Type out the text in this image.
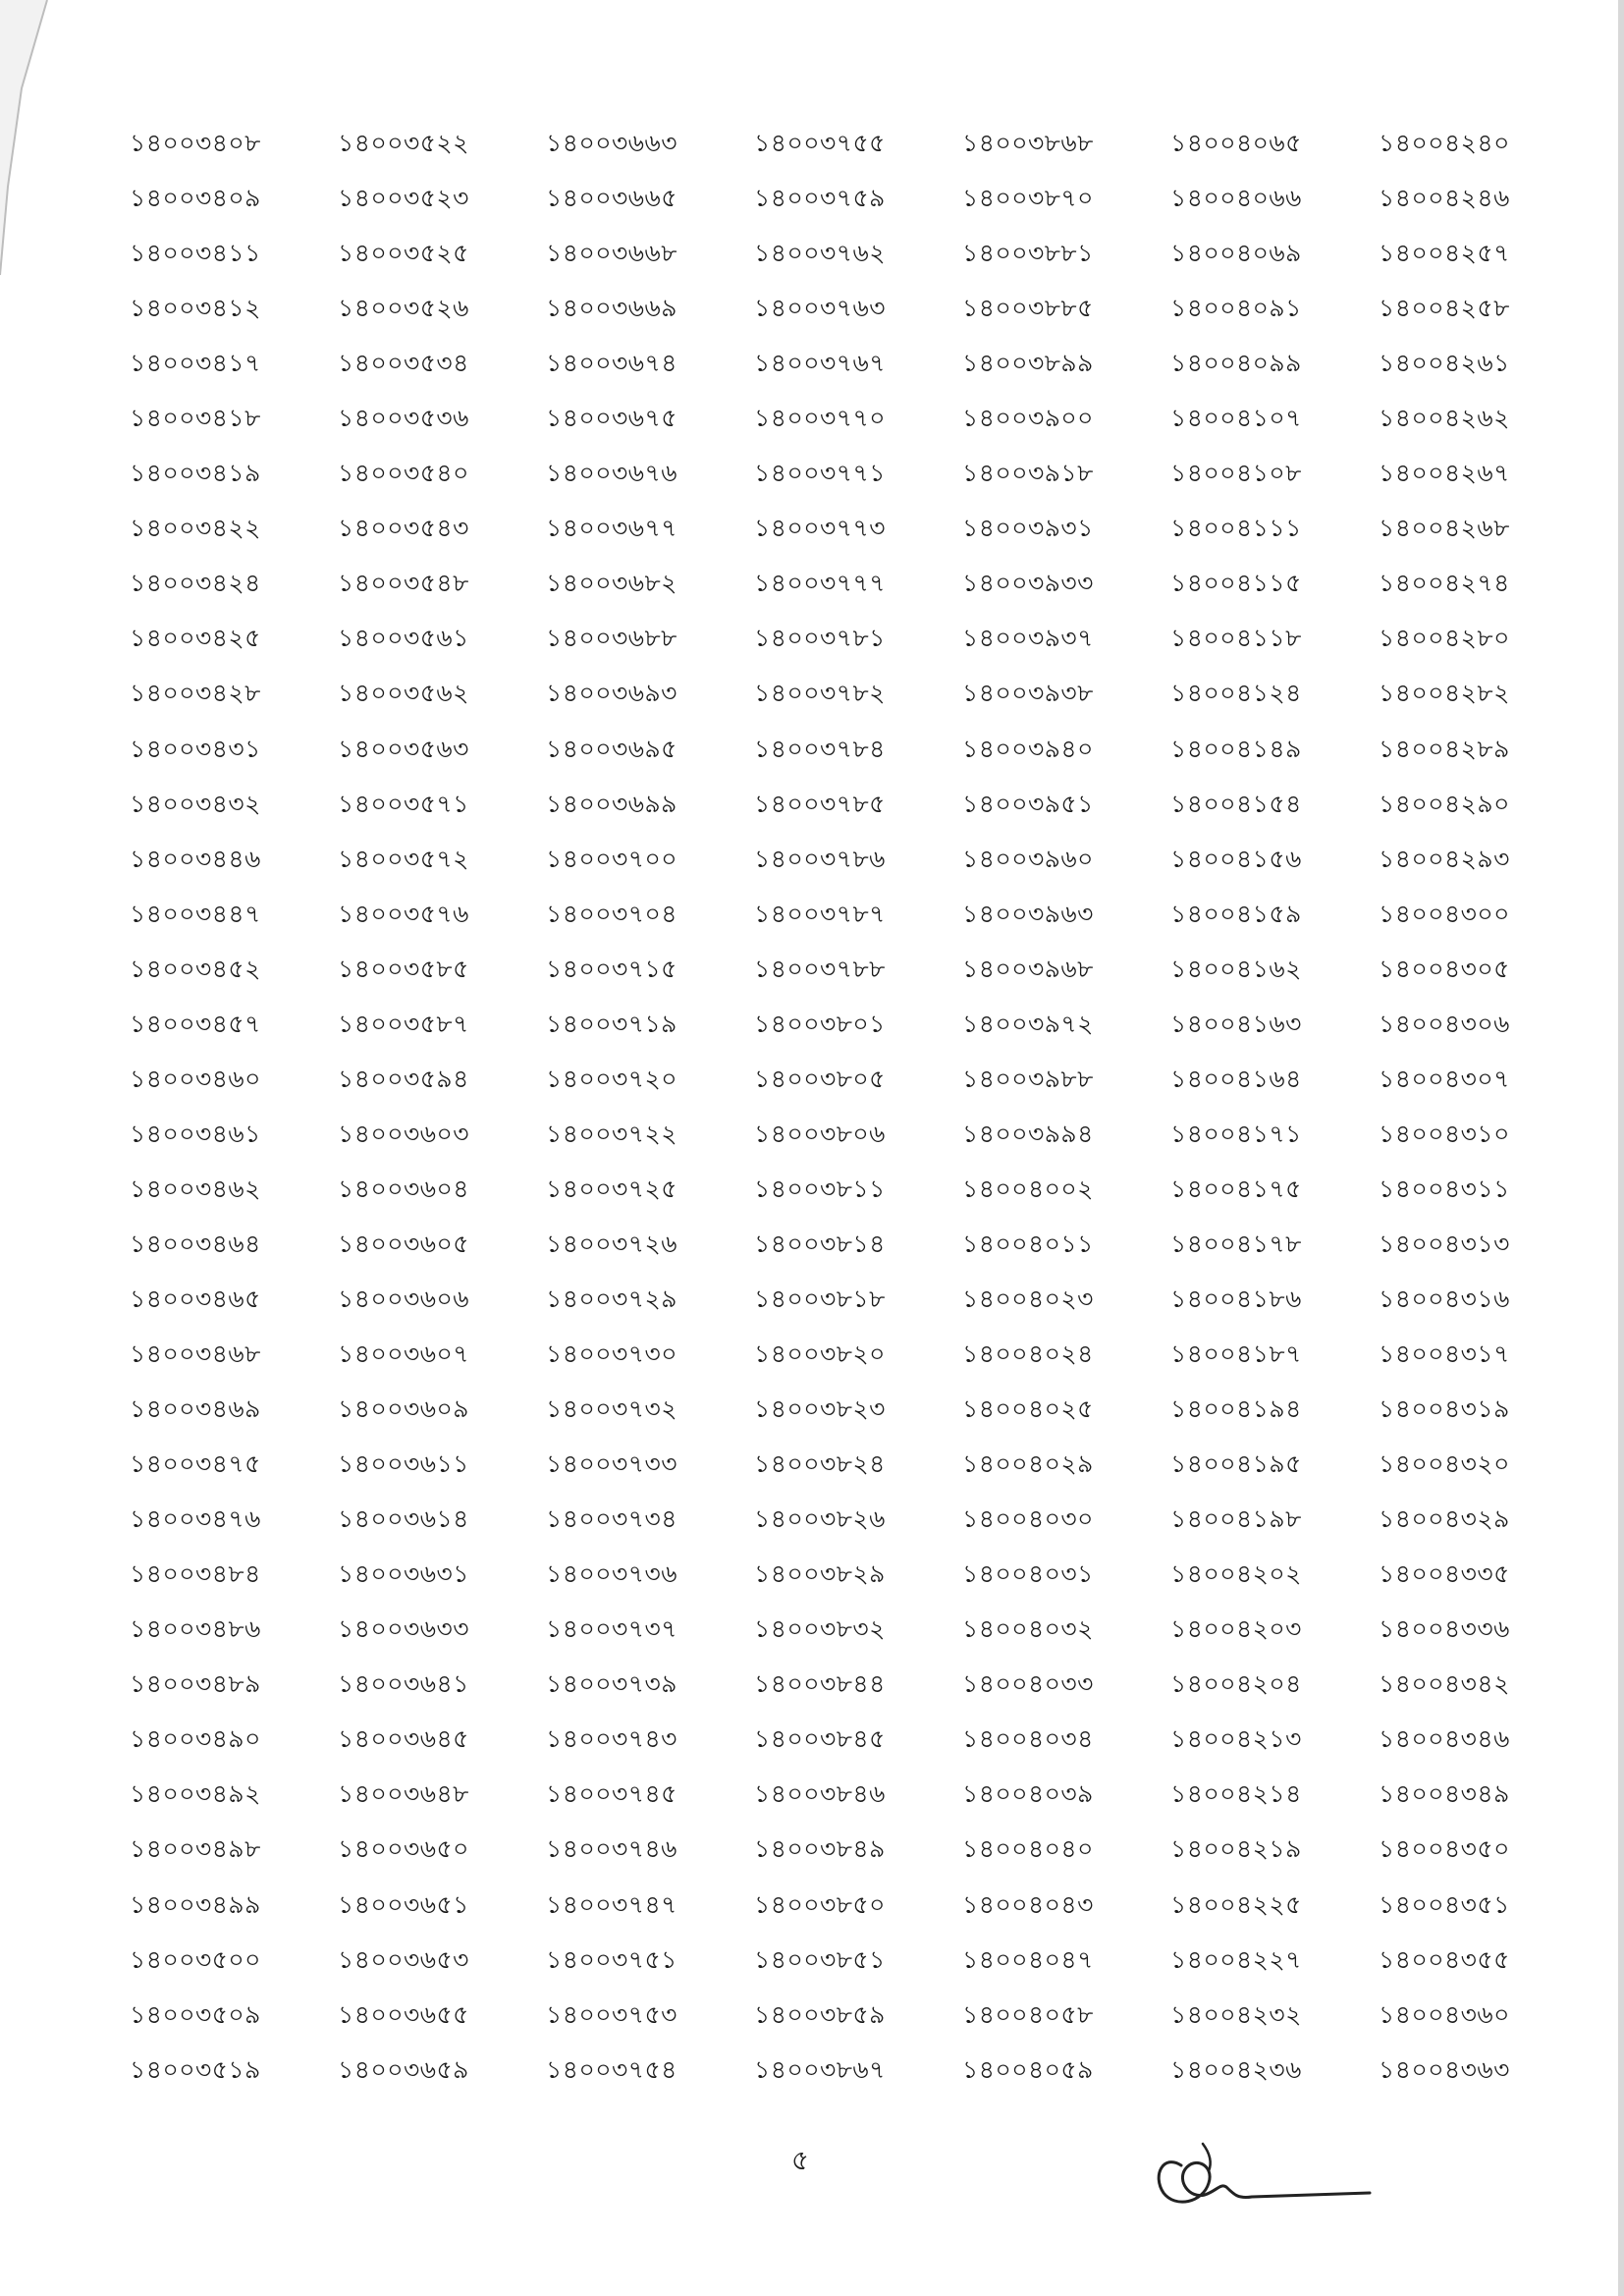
১৪০০৩৪০৮	১৪০০৩৫২২	১৪০০৩৬৬৩	১৪০০৩৭৫৫	১৪০০৩৮৬৮	১৪০০৪০৬৫	১৪০০৪২৪০
১৪০০৩৪০৯	১৪০০৩৫২৩	১৪০০৩৬৬৫	১৪০০৩৭৫৯	১৪০০৩৮৭০	১৪০০৪০৬৬	১৪০০৪২৪৬
১৪০০৩৪১১	১৪০০৩৫২৫	১৪০০৩৬৬৮	১৪০০৩৭৬২	১৪০০৩৮৮১	১৪০০৪০৬৯	১৪০০৪২৫৭
১৪০০৩৪১২	১৪০০৩৫২৬	১৪০০৩৬৬৯	১৪০০৩৭৬৩	১৪০০৩৮৮৫	১৪০০৪০৯১	১৪০০৪২৫৮
১৪০০৩৪১৭	১৪০০৩৫৩৪	১৪০০৩৬৭৪	১৪০০৩৭৬৭	১৪০০৩৮৯৯	১৪০০৪০৯৯	১৪০০৪২৬১
১৪০০৩৪১৮	১৪০০৩৫৩৬	১৪০০৩৬৭৫	১৪০০৩৭৭০	১৪০০৩৯০০	১৪০০৪১০৭	১৪০০৪২৬২
১৪০০৩৪১৯	১৪০০৩৫৪০	১৪০০৩৬৭৬	১৪০০৩৭৭১	১৪০০৩৯১৮	১৪০০৪১০৮	১৪০০৪২৬৭
১৪০০৩৪২২	১৪০০৩৫৪৩	১৪০০৩৬৭৭	১৪০০৩৭৭৩	১৪০০৩৯৩১	১৪০০৪১১১	১৪০০৪২৬৮
১৪০০৩৪২৪	১৪০০৩৫৪৮	১৪০০৩৬৮২	১৪০০৩৭৭৭	১৪০০৩৯৩৩	১৪০০৪১১৫	১৪০০৪২৭৪
১৪০০৩৪২৫	১৪০০৩৫৬১	১৪০০৩৬৮৮	১৪০০৩৭৮১	১৪০০৩৯৩৭	১৪০০৪১১৮	১৪০০৪২৮০
১৪০০৩৪২৮	১৪০০৩৫৬২	১৪০০৩৬৯৩	১৪০০৩৭৮২	১৪০০৩৯৩৮	১৪০০৪১২৪	১৪০০৪২৮২
১৪০০৩৪৩১	১৪০০৩৫৬৩	১৪০০৩৬৯৫	১৪০০৩৭৮৪	১৪০০৩৯৪০	১৪০০৪১৪৯	১৪০০৪২৮৯
১৪০০৩৪৩২	১৪০০৩৫৭১	১৪০০৩৬৯৯	১৪০০৩৭৮৫	১৪০০৩৯৫১	১৪০০৪১৫৪	১৪০০৪২৯০
১৪০০৩৪৪৬	১৪০০৩৫৭২	১৪০০৩৭০০	১৪০০৩৭৮৬	১৪০০৩৯৬০	১৪০০৪১৫৬	১৪০০৪২৯৩
১৪০০৩৪৪৭	১৪০০৩৫৭৬	১৪০০৩৭০৪	১৪০০৩৭৮৭	১৪০০৩৯৬৩	১৪০০৪১৫৯	১৪০০৪৩০০
১৪০০৩৪৫২	১৪০০৩৫৮৫	১৪০০৩৭১৫	১৪০০৩৭৮৮	১৪০০৩৯৬৮	১৪০০৪১৬২	১৪০০৪৩০৫
১৪০০৩৪৫৭	১৪০০৩৫৮৭	১৪০০৩৭১৯	১৪০০৩৮০১	১৪০০৩৯৭২	১৪০০৪১৬৩	১৪০০৪৩০৬
১৪০০৩৪৬০	১৪০০৩৫৯৪	১৪০০৩৭২০	১৪০০৩৮০৫	১৪০০৩৯৮৮	১৪০০৪১৬৪	১৪০০৪৩০৭
১৪০০৩৪৬১	১৪০০৩৬০৩	১৪০০৩৭২২	১৪০০৩৮০৬	১৪০০৩৯৯৪	১৪০০৪১৭১	১৪০০৪৩১০
১৪০০৩৪৬২	১৪০০৩৬০৪	১৪০০৩৭২৫	১৪০০৩৮১১	১৪০০৪০০২	১৪০০৪১৭৫	১৪০০৪৩১১
১৪০০৩৪৬৪	১৪০০৩৬০৫	১৪০০৩৭২৬	১৪০০৩৮১৪	১৪০০৪০১১	১৪০০৪১৭৮	১৪০০৪৩১৩
১৪০০৩৪৬৫	১৪০০৩৬০৬	১৪০০৩৭২৯	১৪০০৩৮১৮	১৪০০৪০২৩	১৪০০৪১৮৬	১৪০০৪৩১৬
১৪০০৩৪৬৮	১৪০০৩৬০৭	১৪০০৩৭৩০	১৪০০৩৮২০	১৪০০৪০২৪	১৪০০৪১৮৭	১৪০০৪৩১৭
১৪০০৩৪৬৯	১৪০০৩৬০৯	১৪০০৩৭৩২	১৪০০৩৮২৩	১৪০০৪০২৫	১৪০০৪১৯৪	১৪০০৪৩১৯
১৪০০৩৪৭৫	১৪০০৩৬১১	১৪০০৩৭৩৩	১৪০০৩৮২৪	১৪০০৪০২৯	১৪০০৪১৯৫	১৪০০৪৩২০
১৪০০৩৪৭৬	১৪০০৩৬১৪	১৪০০৩৭৩৪	১৪০০৩৮২৬	১৪০০৪০৩০	১৪০০৪১৯৮	১৪০০৪৩২৯
১৪০০৩৪৮৪	১৪০০৩৬৩১	১৪০০৩৭৩৬	১৪০০৩৮২৯	১৪০০৪০৩১	১৪০০৪২০২	১৪০০৪৩৩৫
১৪০০৩৪৮৬	১৪০০৩৬৩৩	১৪০০৩৭৩৭	১৪০০৩৮৩২	১৪০০৪০৩২	১৪০০৪২০৩	১৪০০৪৩৩৬
১৪০০৩৪৮৯	১৪০০৩৬৪১	১৪০০৩৭৩৯	১৪০০৩৮৪৪	১৪০০৪০৩৩	১৪০০৪২০৪	১৪০০৪৩৪২
১৪০০৩৪৯০	১৪০০৩৬৪৫	১৪০০৩৭৪৩	১৪০০৩৮৪৫	১৪০০৪০৩৪	১৪০০৪২১৩	১৪০০৪৩৪৬
১৪০০৩৪৯২	১৪০০৩৬৪৮	১৪০০৩৭৪৫	১৪০০৩৮৪৬	১৪০০৪০৩৯	১৪০০৪২১৪	১৪০০৪৩৪৯
১৪০০৩৪৯৮	১৪০০৩৬৫০	১৪০০৩৭৪৬	১৪০০৩৮৪৯	১৪০০৪০৪০	১৪০০৪২১৯	১৪০০৪৩৫০
১৪০০৩৪৯৯	১৪০০৩৬৫১	১৪০০৩৭৪৭	১৪০০৩৮৫০	১৪০০৪০৪৩	১৪০০৪২২৫	১৪০০৪৩৫১
১৪০০৩৫০০	১৪০০৩৬৫৩	১৪০০৩৭৫১	১৪০০৩৮৫১	১৪০০৪০৪৭	১৪০০৪২২৭	১৪০০৪৩৫৫
১৪০০৩৫০৯	১৪০০৩৬৫৫	১৪০০৩৭৫৩	১৪০০৩৮৫৯	১৪০০৪০৫৮	১৪০০৪২৩২	১৪০০৪৩৬০
১৪০০৩৫১৯	১৪০০৩৬৫৯	১৪০০৩৭৫৪	১৪০০৩৮৬৭	১৪০০৪০৫৯	১৪০০৪২৩৬	১৪০০৪৩৬৩
৫
